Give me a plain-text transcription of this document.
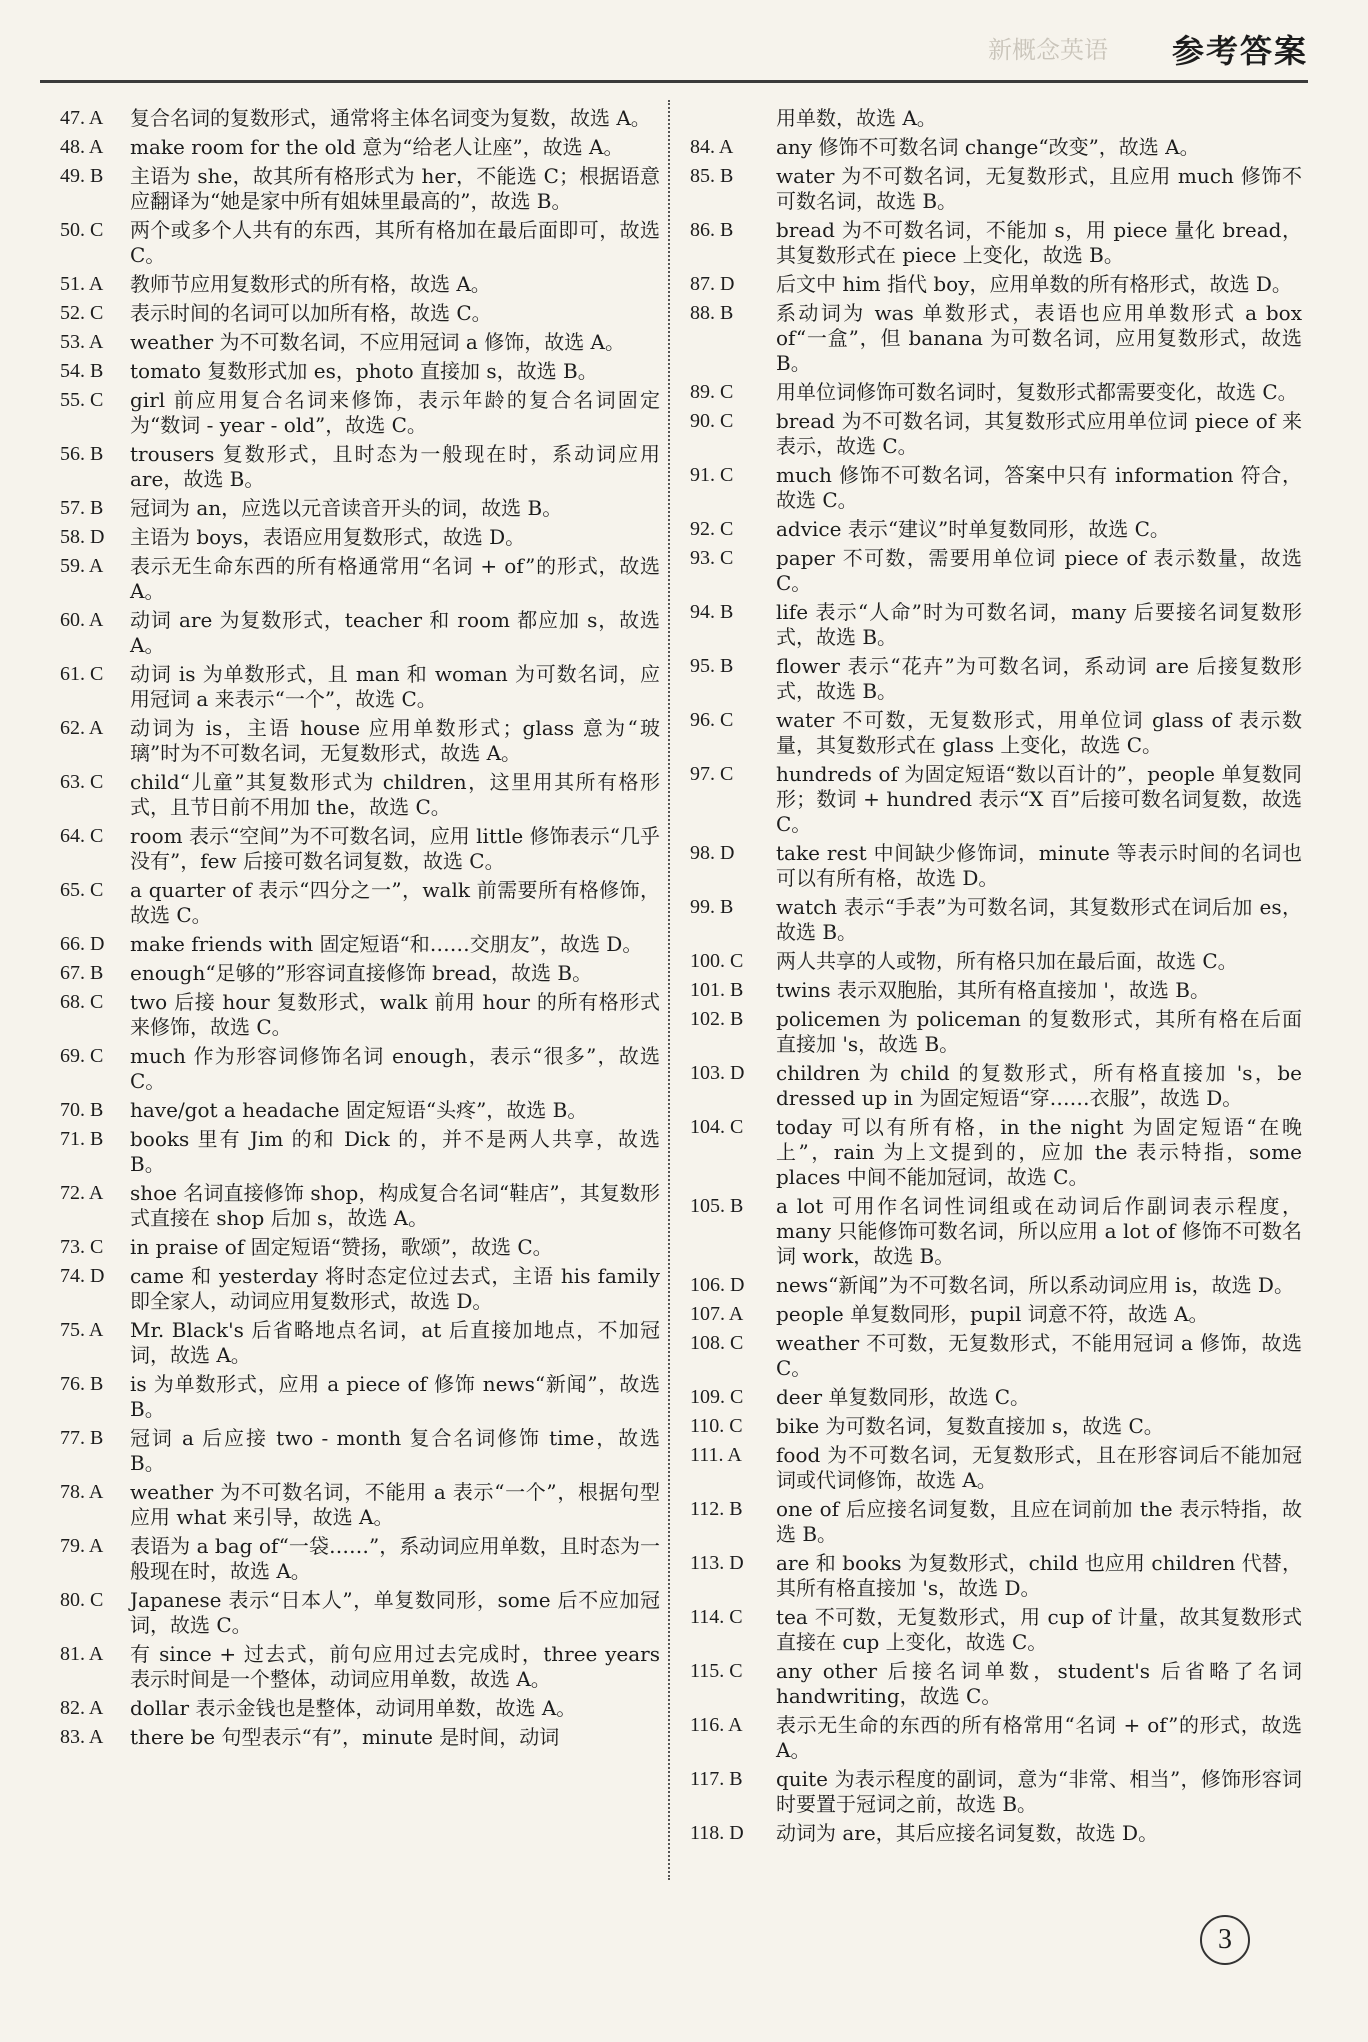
新概念英语 参考答案
47. A	复合名词的复数形式，通常将主体名词变为复数，故选 A。
48. A	make room for the old 意为“给老人让座”，故选 A。
49. B	主语为 she，故其所有格形式为 her，不能选 C；根据语意应翻译为“她是家中所有姐妹里最高的”，故选 B。
50. C	两个或多个人共有的东西，其所有格加在最后面即可，故选 C。
51. A	教师节应用复数形式的所有格，故选 A。
52. C	表示时间的名词可以加所有格，故选 C。
53. A	weather 为不可数名词，不应用冠词 a 修饰，故选 A。
54. B	tomato 复数形式加 es，photo 直接加 s，故选 B。
55. C	girl 前应用复合名词来修饰，表示年龄的复合名词固定为“数词 - year - old”，故选 C。
56. B	trousers 复数形式，且时态为一般现在时，系动词应用 are，故选 B。
57. B	冠词为 an，应选以元音读音开头的词，故选 B。
58. D	主语为 boys，表语应用复数形式，故选 D。
59. A	表示无生命东西的所有格通常用“名词 + of”的形式，故选 A。
60. A	动词 are 为复数形式，teacher 和 room 都应加 s，故选 A。
61. C	动词 is 为单数形式，且 man 和 woman 为可数名词，应用冠词 a 来表示“一个”，故选 C。
62. A	动词为 is，主语 house 应用单数形式；glass 意为“玻璃”时为不可数名词，无复数形式，故选 A。
63. C	child“儿童”其复数形式为 children，这里用其所有格形式，且节日前不用加 the，故选 C。
64. C	room 表示“空间”为不可数名词，应用 little 修饰表示“几乎没有”，few 后接可数名词复数，故选 C。
65. C	a quarter of 表示“四分之一”，walk 前需要所有格修饰，故选 C。
66. D	make friends with 固定短语“和……交朋友”，故选 D。
67. B	enough“足够的”形容词直接修饰 bread，故选 B。
68. C	two 后接 hour 复数形式，walk 前用 hour 的所有格形式来修饰，故选 C。
69. C	much 作为形容词修饰名词 enough，表示“很多”，故选 C。
70. B	have/got a headache 固定短语“头疼”，故选 B。
71. B	books 里有 Jim 的和 Dick 的，并不是两人共享，故选 B。
72. A	shoe 名词直接修饰 shop，构成复合名词“鞋店”，其复数形式直接在 shop 后加 s，故选 A。
73. C	in praise of 固定短语“赞扬，歌颂”，故选 C。
74. D	came 和 yesterday 将时态定位过去式，主语 his family 即全家人，动词应用复数形式，故选 D。
75. A	Mr. Black's 后省略地点名词，at 后直接加地点，不加冠词，故选 A。
76. B	is 为单数形式，应用 a piece of 修饰 news“新闻”，故选 B。
77. B	冠词 a 后应接 two - month 复合名词修饰 time，故选 B。
78. A	weather 为不可数名词，不能用 a 表示“一个”，根据句型应用 what 来引导，故选 A。
79. A	表语为 a bag of“一袋……”，系动词应用单数，且时态为一般现在时，故选 A。
80. C	Japanese 表示“日本人”，单复数同形，some 后不应加冠词，故选 C。
81. A	有 since + 过去式，前句应用过去完成时，three years 表示时间是一个整体，动词应用单数，故选 A。
82. A	dollar 表示金钱也是整体，动词用单数，故选 A。
83. A	there be 句型表示“有”，minute 是时间，动词
用单数，故选 A。
84. A	any 修饰不可数名词 change“改变”，故选 A。
85. B	water 为不可数名词，无复数形式，且应用 much 修饰不可数名词，故选 B。
86. B	bread 为不可数名词，不能加 s，用 piece 量化 bread，其复数形式在 piece 上变化，故选 B。
87. D	后文中 him 指代 boy，应用单数的所有格形式，故选 D。
88. B	系动词为 was 单数形式，表语也应用单数形式 a box of“一盒”，但 banana 为可数名词，应用复数形式，故选 B。
89. C	用单位词修饰可数名词时，复数形式都需要变化，故选 C。
90. C	bread 为不可数名词，其复数形式应用单位词 piece of 来表示，故选 C。
91. C	much 修饰不可数名词，答案中只有 information 符合，故选 C。
92. C	advice 表示“建议”时单复数同形，故选 C。
93. C	paper 不可数，需要用单位词 piece of 表示数量，故选 C。
94. B	life 表示“人命”时为可数名词，many 后要接名词复数形式，故选 B。
95. B	flower 表示“花卉”为可数名词，系动词 are 后接复数形式，故选 B。
96. C	water 不可数，无复数形式，用单位词 glass of 表示数量，其复数形式在 glass 上变化，故选 C。
97. C	hundreds of 为固定短语“数以百计的”，people 单复数同形；数词 + hundred 表示“X 百”后接可数名词复数，故选 C。
98. D	take rest 中间缺少修饰词，minute 等表示时间的名词也可以有所有格，故选 D。
99. B	watch 表示“手表”为可数名词，其复数形式在词后加 es，故选 B。
100. C	两人共享的人或物，所有格只加在最后面，故选 C。
101. B	twins 表示双胞胎，其所有格直接加 '，故选 B。
102. B	policemen 为 policeman 的复数形式，其所有格在后面直接加 's，故选 B。
103. D	children 为 child 的复数形式，所有格直接加 's，be dressed up in 为固定短语“穿……衣服”，故选 D。
104. C	today 可以有所有格，in the night 为固定短语“在晚上”，rain 为上文提到的，应加 the 表示特指，some places 中间不能加冠词，故选 C。
105. B	a lot 可用作名词性词组或在动词后作副词表示程度，many 只能修饰可数名词，所以应用 a lot of 修饰不可数名词 work，故选 B。
106. D	news“新闻”为不可数名词，所以系动词应用 is，故选 D。
107. A	people 单复数同形，pupil 词意不符，故选 A。
108. C	weather 不可数，无复数形式，不能用冠词 a 修饰，故选 C。
109. C	deer 单复数同形，故选 C。
110. C	bike 为可数名词，复数直接加 s，故选 C。
111. A	food 为不可数名词，无复数形式，且在形容词后不能加冠词或代词修饰，故选 A。
112. B	one of 后应接名词复数，且应在词前加 the 表示特指，故选 B。
113. D	are 和 books 为复数形式，child 也应用 children 代替，其所有格直接加 's，故选 D。
114. C	tea 不可数，无复数形式，用 cup of 计量，故其复数形式直接在 cup 上变化，故选 C。
115. C	any other 后接名词单数，student's 后省略了名词 handwriting，故选 C。
116. A	表示无生命的东西的所有格常用“名词 + of”的形式，故选 A。
117. B	quite 为表示程度的副词，意为“非常、相当”，修饰形容词时要置于冠词之前，故选 B。
118. D	动词为 are，其后应接名词复数，故选 D。
3
